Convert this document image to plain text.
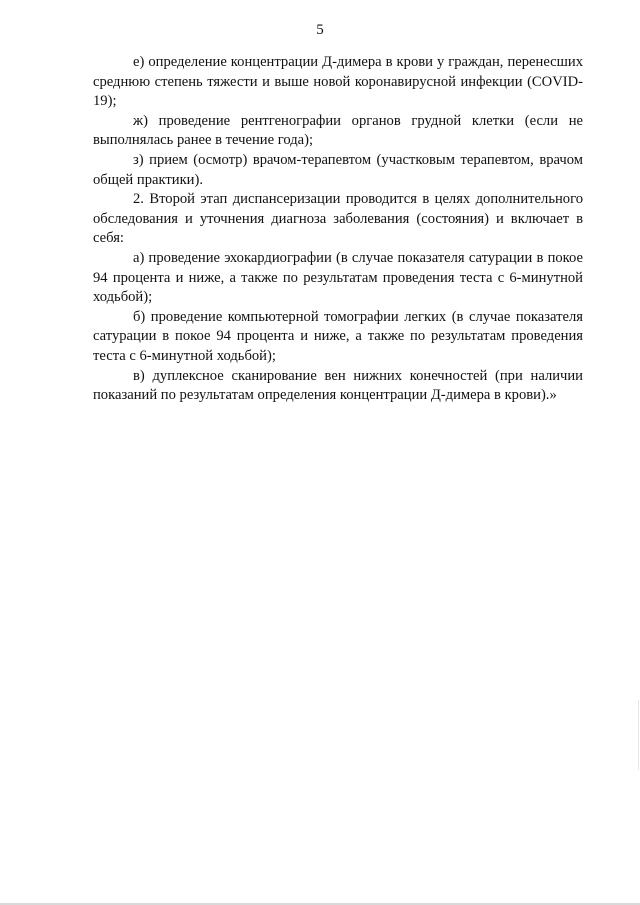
5

е) определение концентрации Д-димера в крови у граждан, перенесших среднюю степень тяжести и выше новой коронавирусной инфекции (COVID-19);

ж) проведение рентгенографии органов грудной клетки (если не выполнялась ранее в течение года);

з) прием (осмотр) врачом-терапевтом (участковым терапевтом, врачом общей практики).

2. Второй этап диспансеризации проводится в целях дополнительного обследования и уточнения диагноза заболевания (состояния) и включает в себя:

а) проведение эхокардиографии (в случае показателя сатурации в покое 94 процента и ниже, а также по результатам проведения теста с 6-минутной ходьбой);

б) проведение компьютерной томографии легких (в случае показателя сатурации в покое 94 процента и ниже, а также по результатам проведения теста с 6-минутной ходьбой);

в) дуплексное сканирование вен нижних конечностей (при наличии показаний по результатам определения концентрации Д-димера в крови).»
